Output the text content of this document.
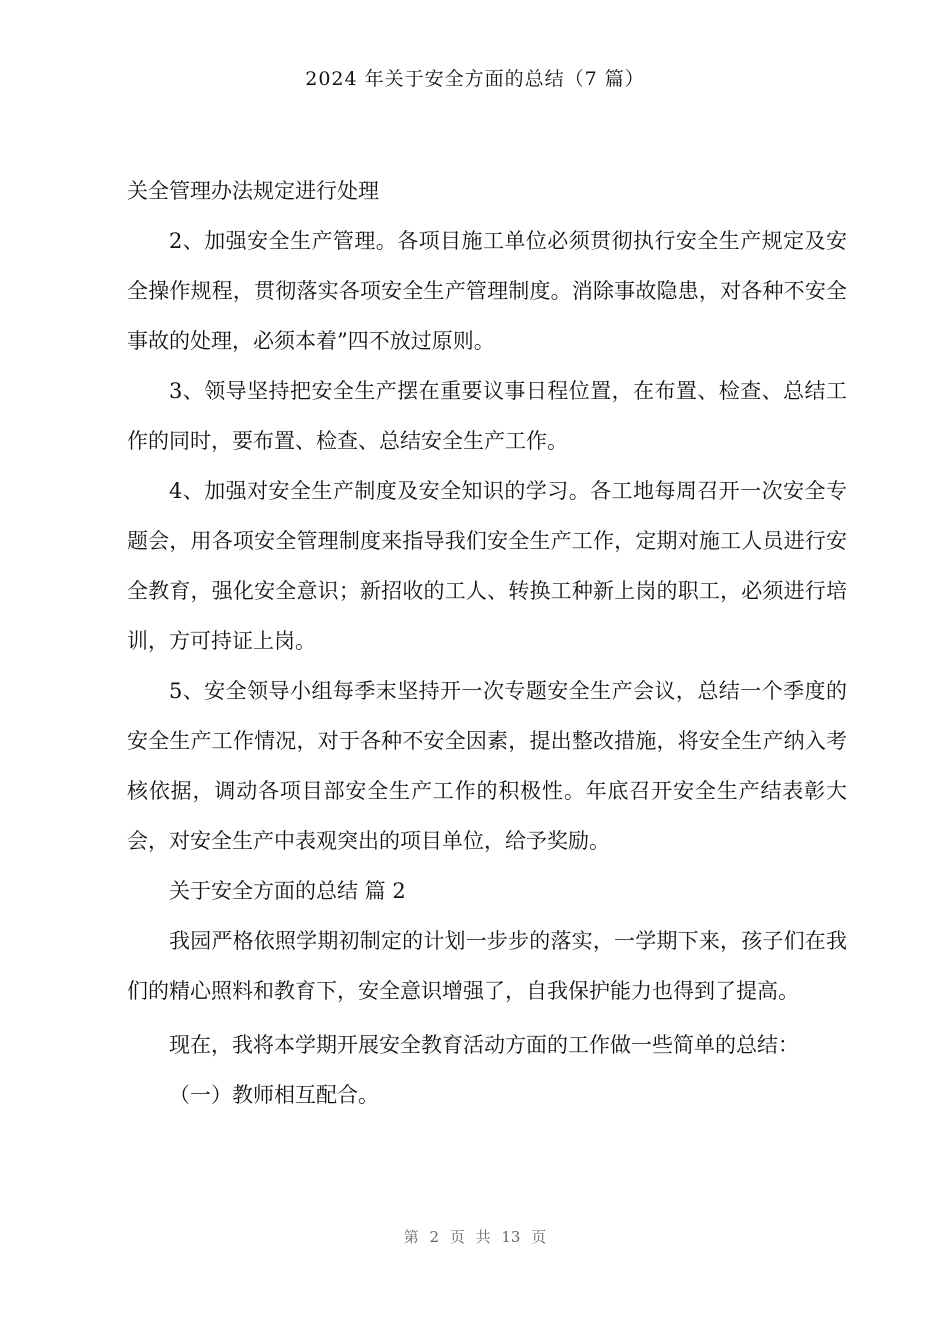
2024 年关于安全方面的总结（7 篇）

关全管理办法规定进行处理

2、加强安全生产管理。各项目施工单位必须贯彻执行安全生产规定及安全操作规程，贯彻落实各项安全生产管理制度。消除事故隐患，对各种不安全事故的处理，必须本着”四不放过原则。

3、领导坚持把安全生产摆在重要议事日程位置，在布置、检查、总结工作的同时，要布置、检查、总结安全生产工作。

4、加强对安全生产制度及安全知识的学习。各工地每周召开一次安全专题会，用各项安全管理制度来指导我们安全生产工作，定期对施工人员进行安全教育，强化安全意识；新招收的工人、转换工种新上岗的职工，必须进行培训，方可持证上岗。

5、安全领导小组每季末坚持开一次专题安全生产会议，总结一个季度的安全生产工作情况，对于各种不安全因素，提出整改措施，将安全生产纳入考核依据，调动各项目部安全生产工作的积极性。年底召开安全生产结表彰大会，对安全生产中表观突出的项目单位，给予奖励。

关于安全方面的总结 篇 2

我园严格依照学期初制定的计划一步步的落实，一学期下来，孩子们在我们的精心照料和教育下，安全意识增强了，自我保护能力也得到了提高。

现在，我将本学期开展安全教育活动方面的工作做一些简单的总结：

（一）教师相互配合。

第 2 页 共 13 页
